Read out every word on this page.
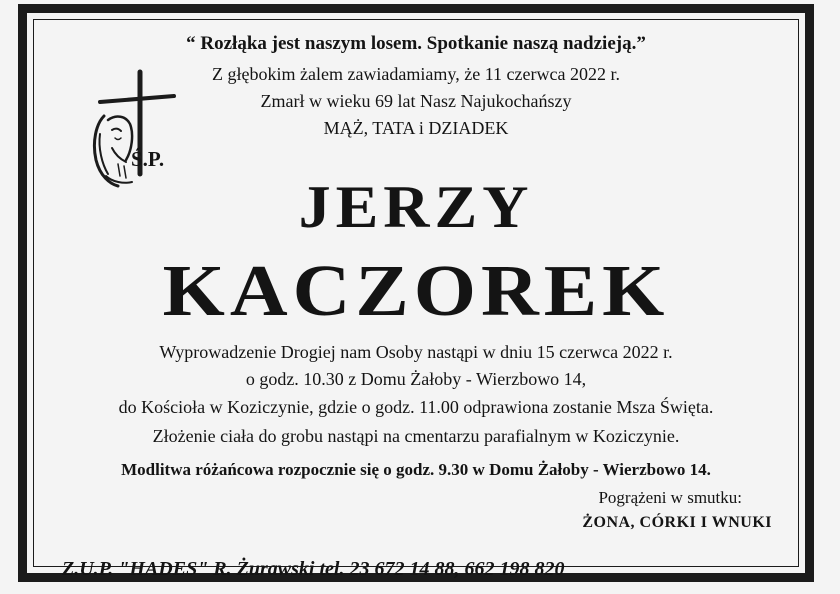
“ Rozłąka jest naszym losem. Spotkanie naszą nadzieją.”
Z głębokim żalem zawiadamiamy, że 11 czerwca 2022 r.
Zmarł w wieku 69 lat Nasz Najukochańszy
MĄŻ, TATA i DZIADEK
Ś.P.
JERZY
KACZOREK
Wyprowadzenie Drogiej nam Osoby nastąpi w dniu 15 czerwca 2022 r.
o godz. 10.30 z Domu Żałoby - Wierzbowo 14,
do Kościoła w Koziczynie, gdzie o godz. 11.00 odprawiona zostanie Msza Święta.
Złożenie ciała do grobu nastąpi na cmentarzu parafialnym w Koziczynie.
Modlitwa różańcowa rozpocznie się o godz. 9.30 w Domu Żałoby - Wierzbowo 14.
Pogrążeni w smutku:
ŻONA, CÓRKI I WNUKI
Z.U.P. "HADES" R. Żurawski tel. 23 672 14 88, 662 198 820
